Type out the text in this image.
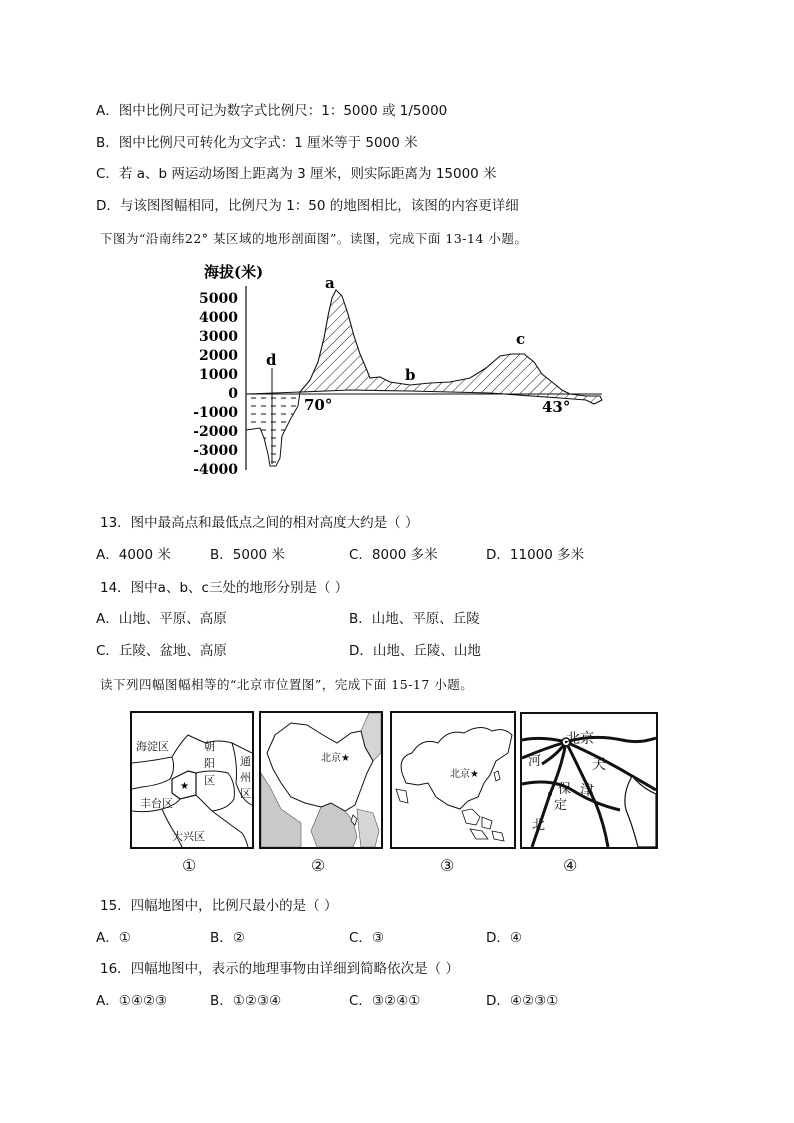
A．图中比例尺可记为数字式比例尺：1：5000 或 1/5000
B．图中比例尺可转化为文字式：1 厘米等于 5000 米
C．若 a、b 两运动场图上距离为 3 厘米，则实际距离为 15000 米
D．与该图图幅相同，比例尺为 1：50 的地图相比，该图的内容更详细
下图为“沿南纬22° 某区域的地形剖面图”。读图，完成下面 13-14 小题。
海拔(米)
5000
4000
3000
2000
1000
0
-1000
-2000
-3000
-4000
a
b
c
d
70°	43°
13．图中最高点和最低点之间的相对高度大约是（ ）
A．4000 米	B．5000 米	C．8000 多米	D．11000 多米
14．图中a、b、c三处的地形分别是（ ）
A．山地、平原、高原	B．山地、平原、丘陵
C．丘陵、盆地、高原	D．山地、丘陵、山地
读下列四幅图幅相等的“北京市位置图”，完成下面 15-17 小题。
★
海淀区	朝
阳
区
通
州
区
丰台区
大兴区
①
北京★
②
北京★
③
北京
河	天
保
定
津
北
④
15．四幅地图中，比例尺最小的是（ ）
A．①	B．②	C．③	D．④
16．四幅地图中，表示的地理事物由详细到简略依次是（ ）
A．①④②③	B．①②③④	C．③②④①	D．④②③①
